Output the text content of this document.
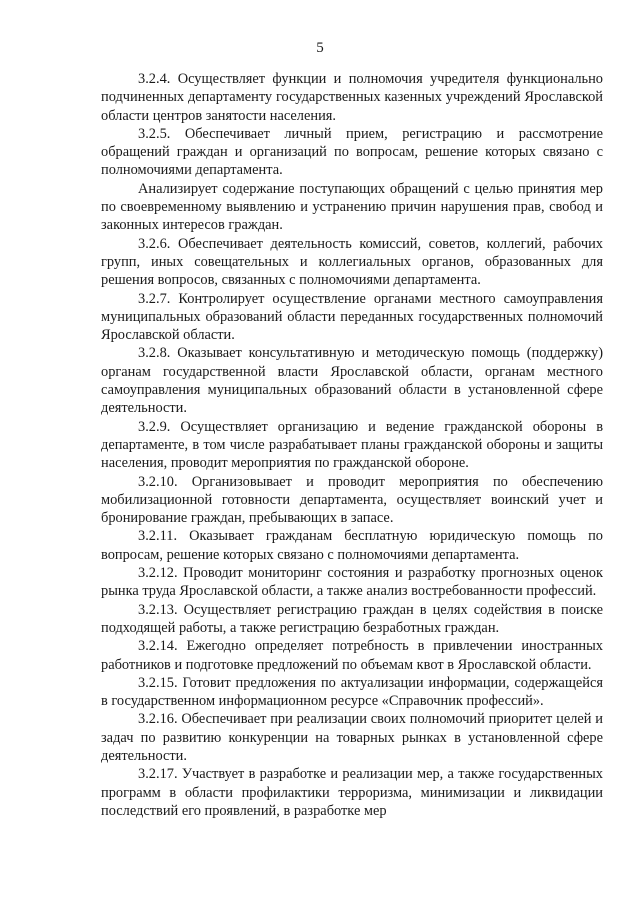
5

3.2.4. Осуществляет функции и полномочия учредителя функционально подчиненных департаменту государственных казенных учреждений Ярославской области центров занятости населения.

3.2.5. Обеспечивает личный прием, регистрацию и рассмотрение обращений граждан и организаций по вопросам, решение которых связано с полномочиями департамента.

Анализирует содержание поступающих обращений с целью принятия мер по своевременному выявлению и устранению причин нарушения прав, свобод и законных интересов граждан.

3.2.6. Обеспечивает деятельность комиссий, советов, коллегий, рабочих групп, иных совещательных и коллегиальных органов, образованных для решения вопросов, связанных с полномочиями департамента.

3.2.7. Контролирует осуществление органами местного самоуправления муниципальных образований области переданных государственных полномочий Ярославской области.

3.2.8. Оказывает консультативную и методическую помощь (поддержку) органам государственной власти Ярославской области, органам местного самоуправления муниципальных образований области в установленной сфере деятельности.

3.2.9. Осуществляет организацию и ведение гражданской обороны в департаменте, в том числе разрабатывает планы гражданской обороны и защиты населения, проводит мероприятия по гражданской обороне.

3.2.10. Организовывает и проводит мероприятия по обеспечению мобилизационной готовности департамента, осуществляет воинский учет и бронирование граждан, пребывающих в запасе.

3.2.11. Оказывает гражданам бесплатную юридическую помощь по вопросам, решение которых связано с полномочиями департамента.

3.2.12. Проводит мониторинг состояния и разработку прогнозных оценок рынка труда Ярославской области, а также анализ востребованности профессий.

3.2.13. Осуществляет регистрацию граждан в целях содействия в поиске подходящей работы, а также регистрацию безработных граждан.

3.2.14. Ежегодно определяет потребность в привлечении иностранных работников и подготовке предложений по объемам квот в Ярославской области.

3.2.15. Готовит предложения по актуализации информации, содержащейся в государственном информационном ресурсе «Справочник профессий».

3.2.16. Обеспечивает при реализации своих полномочий приоритет целей и задач по развитию конкуренции на товарных рынках в установленной сфере деятельности.

3.2.17. Участвует в разработке и реализации мер, а также государственных программ в области профилактики терроризма, минимизации и ликвидации последствий его проявлений, в разработке мер
